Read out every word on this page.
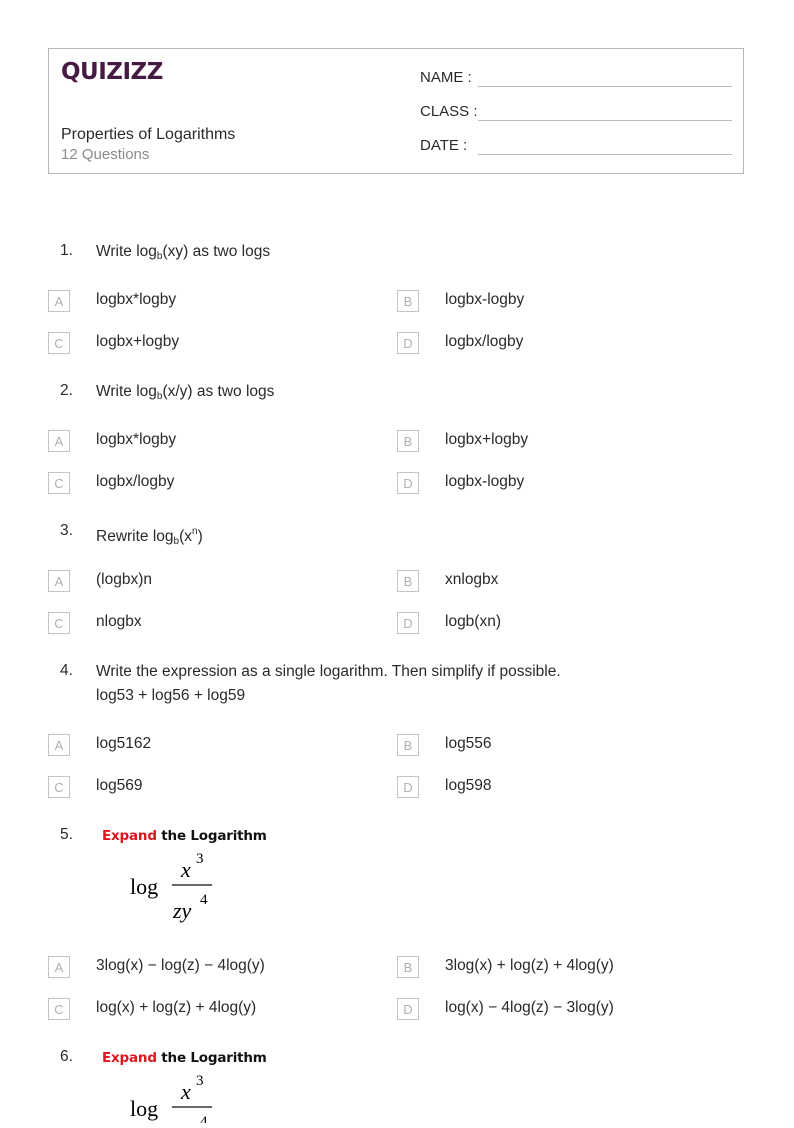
QUIZIZZ
Properties of Logarithms
12 Questions
NAME :
CLASS :
DATE :
1. Write $\log_b(xy)$ as two logs
A	logbx*logby	B	logbx-logby
C	logbx+logby	D	logbx/logby
2. Write $\log_b(x/y)$ as two logs
A	logbx*logby	B	logbx+logby
C	logbx/logby	D	logbx-logby
3. Rewrite $\log_b(x^n)$
A	(logbx)n	B	xnlogbx
C	nlogbx	D	logb(xn)
4. Write the expression as a single logarithm. Then simplify if possible.
log53 + log56 + log59
A	log5162	B	log556
C	log569	D	log598
5. Expand the Logarithm
log
x 3
zy 4
A	3log(x) − log(z) − 4log(y)	B	3log(x) + log(z) + 4log(y)
C	log(x) + log(z) + 4log(y)	D	log(x) − 4log(z) − 3log(y)
6. Expand the Logarithm
log
x 3
4
